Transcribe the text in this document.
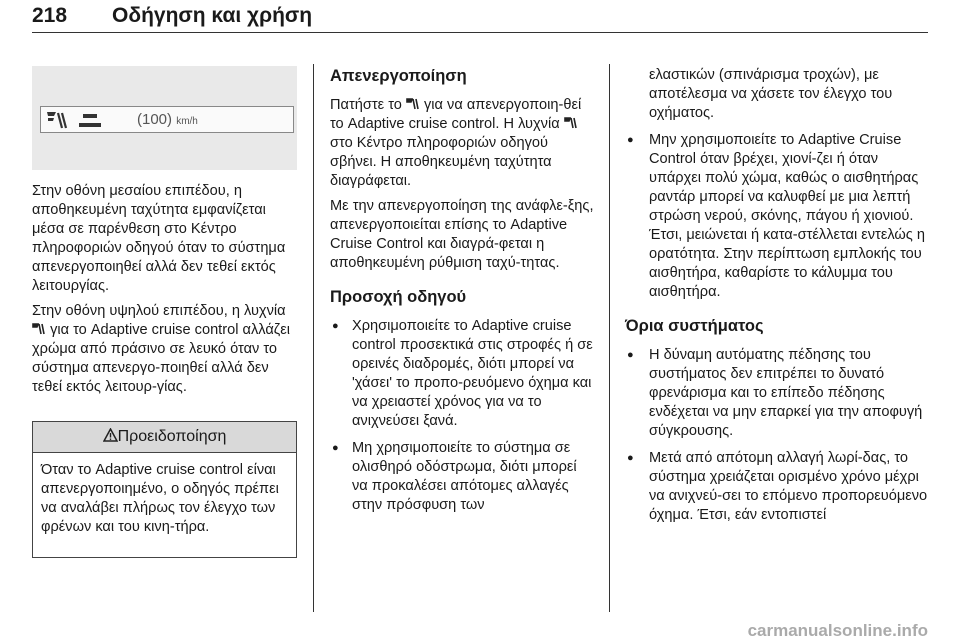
218 Οδήγηση και χρήση
(100) km/h

Στην οθόνη μεσαίου επιπέδου, η αποθηκευμένη ταχύτητα εμφανίζεται μέσα σε παρένθεση στο Κέντρο πληροφοριών οδηγού όταν το σύστημα απενεργοποιηθεί αλλά δεν τεθεί εκτός λειτουργίας.

Στην οθόνη υψηλού επιπέδου, η λυχνία  για το Adaptive cruise control αλλάζει χρώμα από πράσινο σε λευκό όταν το σύστημα απενεργο-ποιηθεί αλλά δεν τεθεί εκτός λειτουρ-γίας.

Προειδοποίηση
Όταν το Adaptive cruise control είναι απενεργοποιημένο, ο οδηγός πρέπει να αναλάβει πλήρως τον έλεγχο των φρένων και του κινη-τήρα.

Απενεργοποίηση

Πατήστε το για να απενεργοποιη-θεί το Adaptive cruise control. Η λυχνία  στο Κέντρο πληροφοριών οδηγού σβήνει. Η αποθηκευμένη ταχύτητα διαγράφεται.

Με την απενεργοποίηση της ανάφλε-ξης, απενεργοποιείται επίσης το Adaptive Cruise Control και διαγρά-φεται η αποθηκευμένη ρύθμιση ταχύ-τητας.

Προσοχή οδηγού

● Χρησιμοποιείτε το Adaptive cruise control προσεκτικά στις στροφές ή σε ορεινές διαδρομές, διότι μπορεί να 'χάσει' το προπο-ρευόμενο όχημα και να χρειαστεί χρόνος για να το ανιχνεύσει ξανά.
● Μη χρησιμοποιείτε το σύστημα σε ολισθηρό οδόστρωμα, διότι μπορεί να προκαλέσει απότομες αλλαγές στην πρόσφυση των

ελαστικών (σπινάρισμα τροχών), με αποτέλεσμα να χάσετε τον έλεγχο του οχήματος.

● Μην χρησιμοποιείτε το Adaptive Cruise Control όταν βρέχει, χιονί-ζει ή όταν υπάρχει πολύ χώμα, καθώς ο αισθητήρας ραντάρ μπορεί να καλυφθεί με μια λεπτή στρώση νερού, σκόνης, πάγου ή χιονιού. Έτσι, μειώνεται ή κατα-στέλλεται εντελώς η ορατότητα. Στην περίπτωση εμπλοκής του αισθητήρα, καθαρίστε το κάλυμμα του αισθητήρα.

Όρια συστήματος

● Η δύναμη αυτόματης πέδησης του συστήματος δεν επιτρέπει το δυνατό φρενάρισμα και το επίπεδο πέδησης ενδέχεται να μην επαρκεί για την αποφυγή σύγκρουσης.
● Μετά από απότομη αλλαγή λωρί-δας, το σύστημα χρειάζεται ορισμένο χρόνο μέχρι να ανιχνεύ-σει το επόμενο προπορευόμενο όχημα. Έτσι, εάν εντοπιστεί
carmanualsonline.info
